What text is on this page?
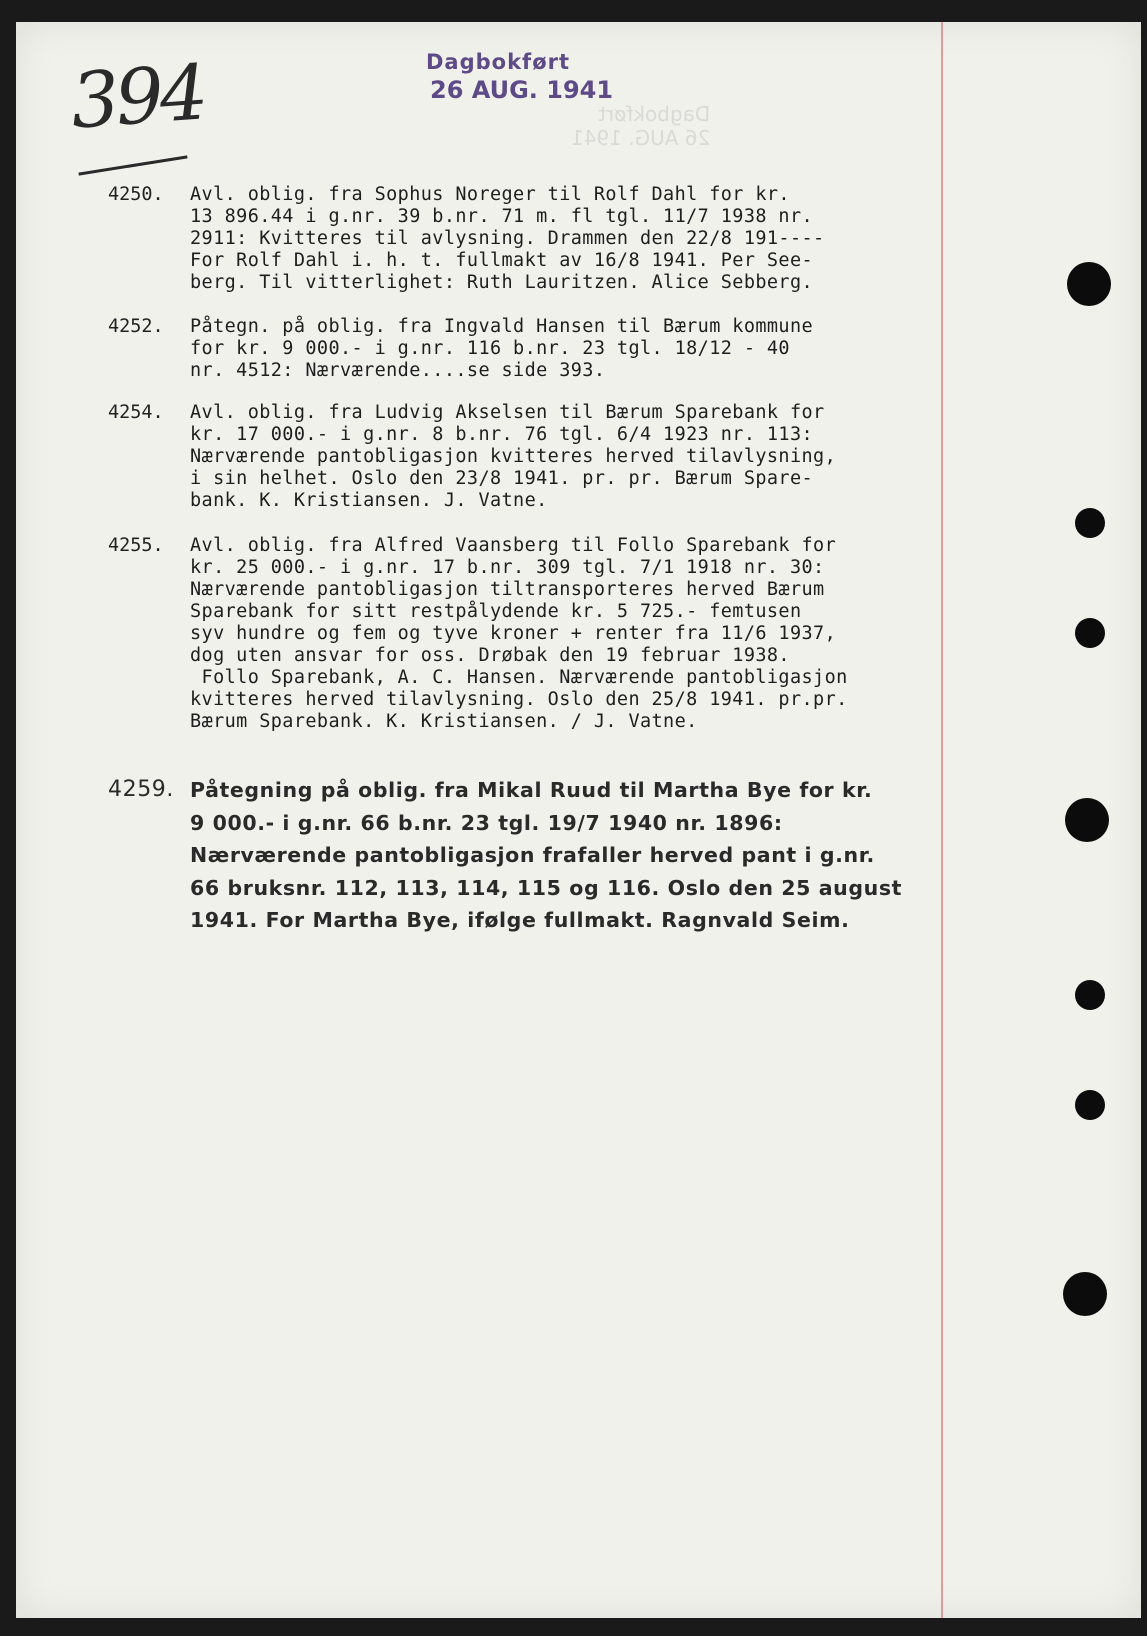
394	Dagbokført
26 AUG. 1941
Dagbokført
26 AUG. 1941
4250. Avl. oblig. fra Sophus Noreger til Rolf Dahl for kr.
13 896.44 i g.nr. 39 b.nr. 71 m. fl tgl. 11/7 1938 nr.
2911: Kvitteres til avlysning. Drammen den 22/8 191----
For Rolf Dahl i. h. t. fullmakt av 16/8 1941. Per See-
berg. Til vitterlighet: Ruth Lauritzen. Alice Sebberg.
4252. Påtegn. på oblig. fra Ingvald Hansen til Bærum kommune
for kr. 9 000.- i g.nr. 116 b.nr. 23 tgl. 18/12 - 40
nr. 4512: Nærværende....se side 393.
4254. Avl. oblig. fra Ludvig Akselsen til Bærum Sparebank for
kr. 17 000.- i g.nr. 8 b.nr. 76 tgl. 6/4 1923 nr. 113:
Nærværende pantobligasjon kvitteres herved tilavlysning,
i sin helhet. Oslo den 23/8 1941. pr. pr. Bærum Spare-
bank. K. Kristiansen. J. Vatne.
4255. Avl. oblig. fra Alfred Vaansberg til Follo Sparebank for
kr. 25 000.- i g.nr. 17 b.nr. 309 tgl. 7/1 1918 nr. 30:
Nærværende pantobligasjon tiltransporteres herved Bærum
Sparebank for sitt restpålydende kr. 5 725.- femtusen
syv hundre og fem og tyve kroner + renter fra 11/6 1937,
dog uten ansvar for oss. Drøbak den 19 februar 1938.
Follo Sparebank, A. C. Hansen. Nærværende pantobligasjon
kvitteres herved tilavlysning. Oslo den 25/8 1941. pr.pr.
Bærum Sparebank. K. Kristiansen. / J. Vatne.
4259. Påtegning på oblig. fra Mikal Ruud til Martha Bye for kr.
9 000.- i g.nr. 66 b.nr. 23 tgl. 19/7 1940 nr. 1896:
Nærværende pantobligasjon frafaller herved pant i g.nr.
66 bruksnr. 112, 113, 114, 115 og 116. Oslo den 25 august
1941. For Martha Bye, ifølge fullmakt. Ragnvald Seim.
